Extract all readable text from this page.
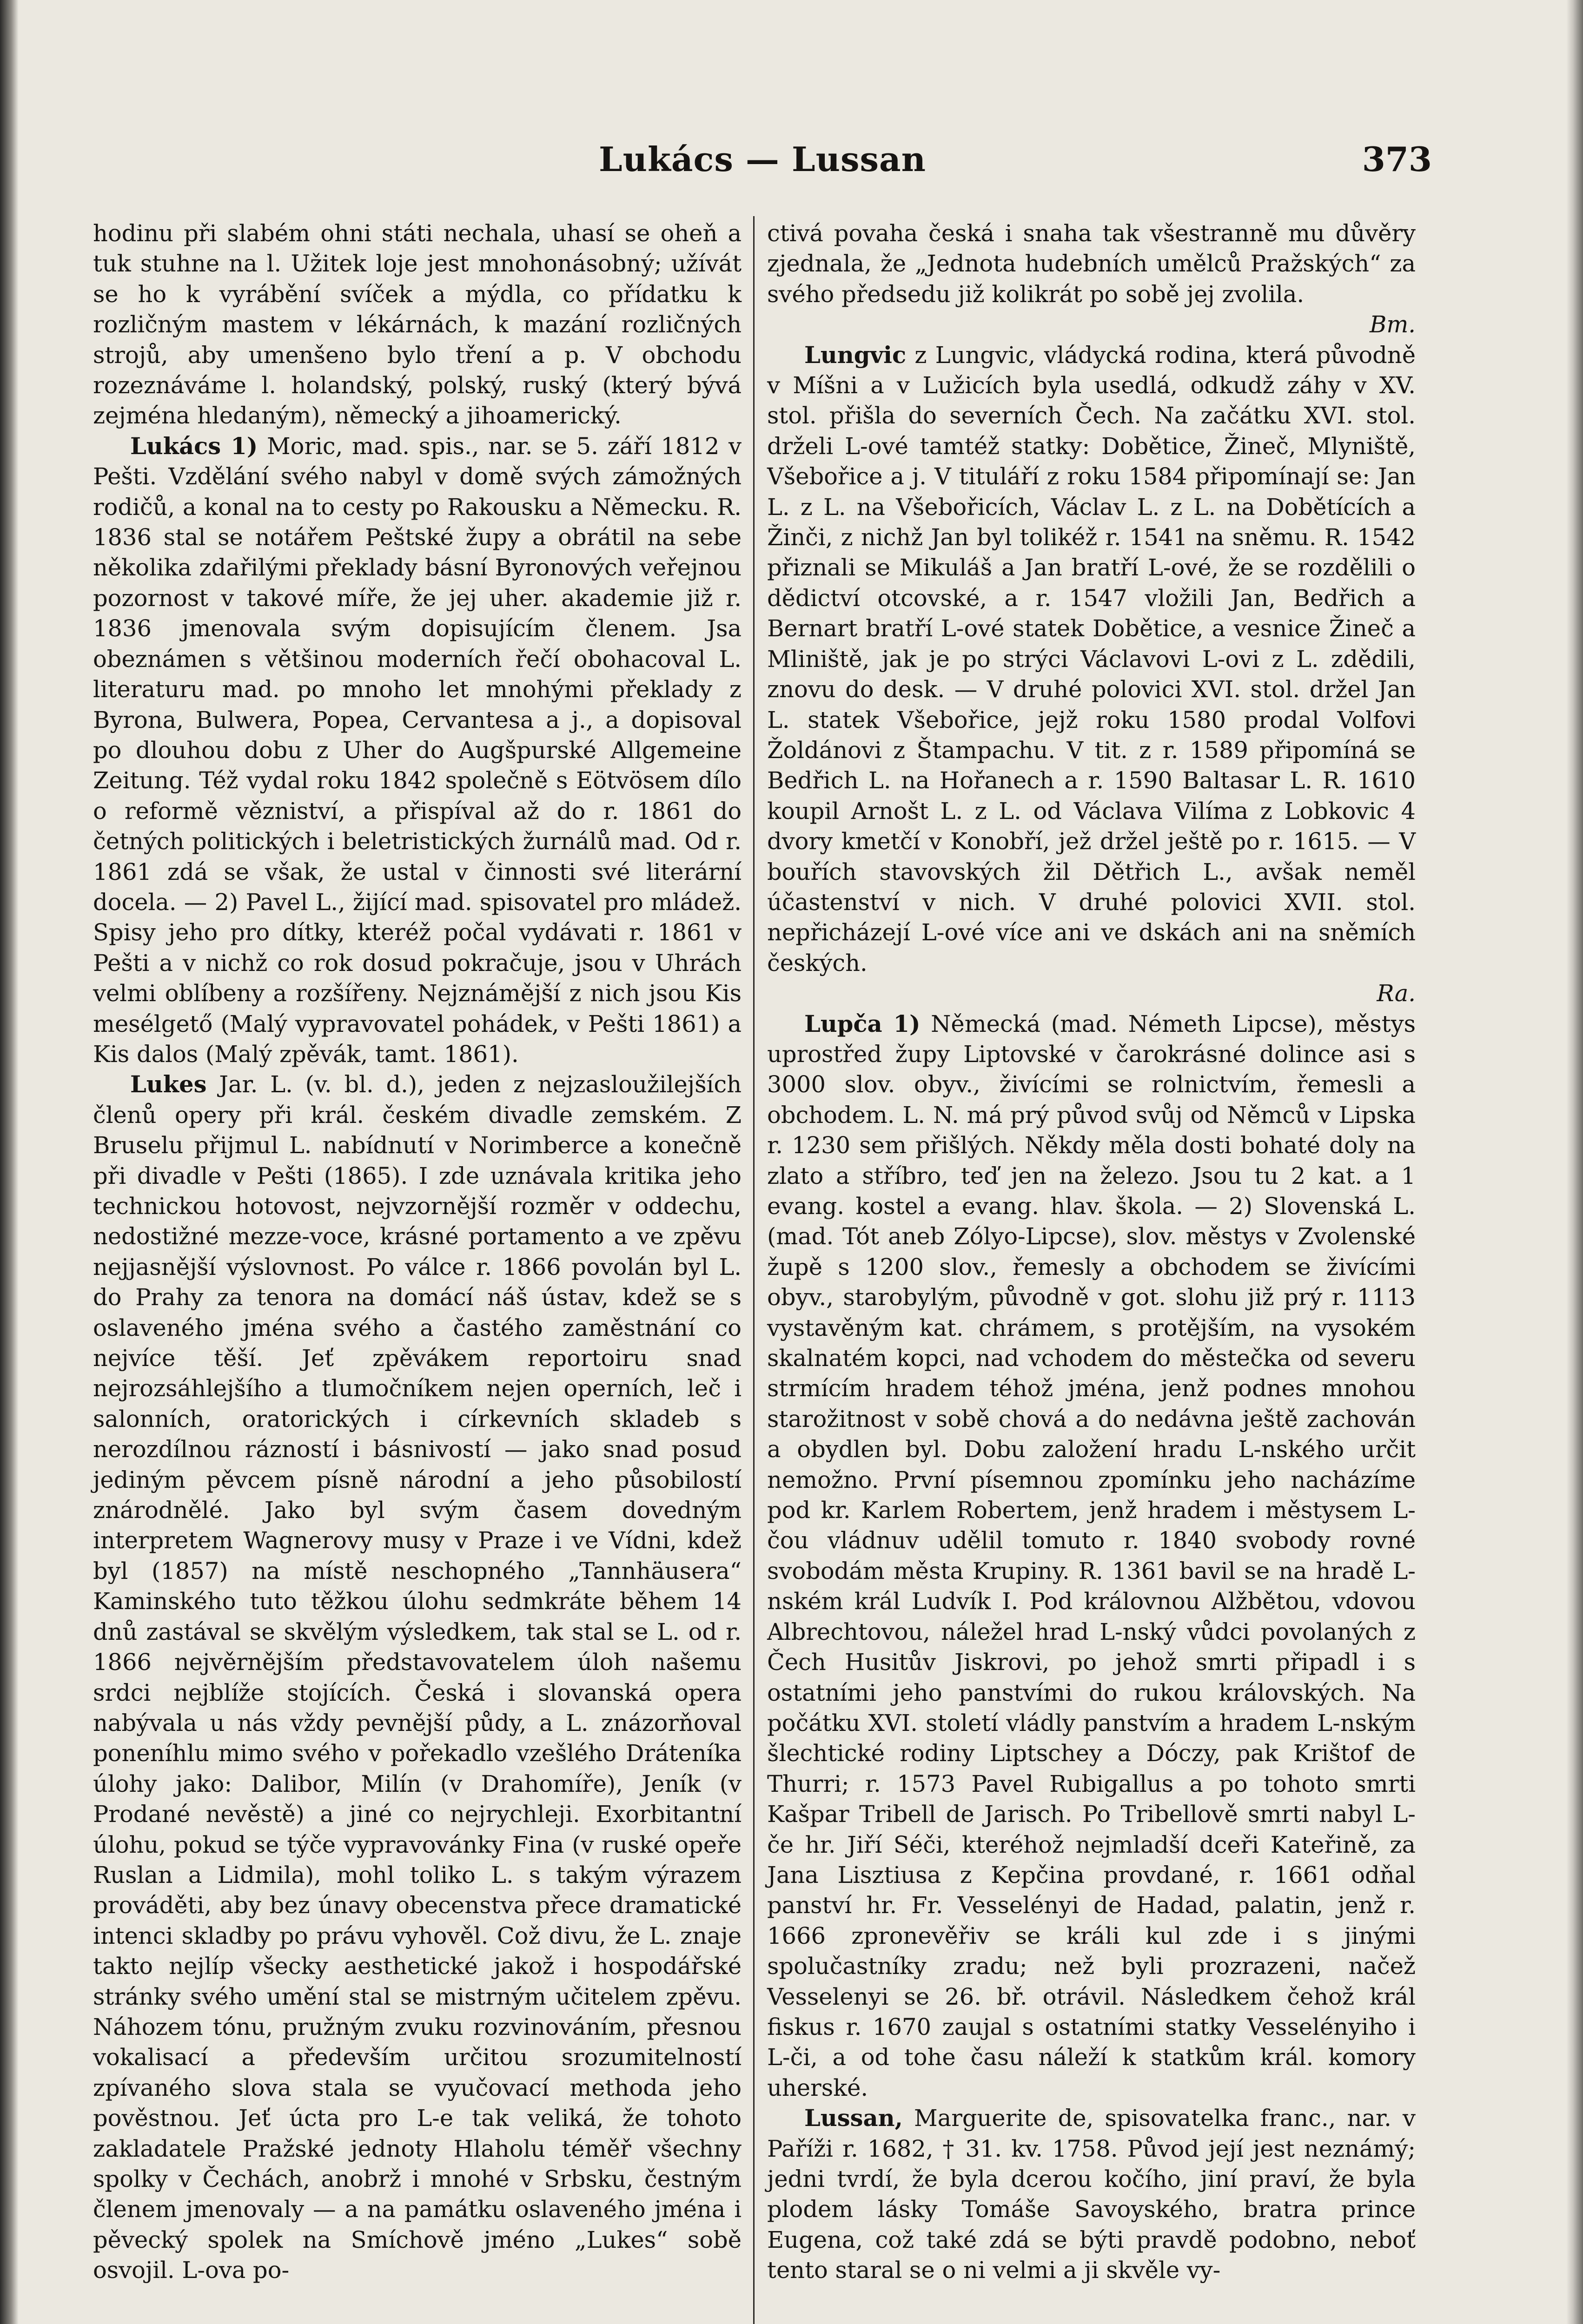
Lukács — Lussan	373

hodinu při slabém ohni státi nechala, uhasí se oheň a tuk stuhne na l. Užitek loje jest mnohonásobný; užívát se ho k vyrábění svíček a mýdla, co přídatku k rozličným mastem v lékárnách, k mazání rozličných strojů, aby umenšeno bylo tření a p. V obchodu rozeznáváme l. holandský, polský, ruský (který bývá zejména hledaným), německý a jihoamerický.

Lukács 1) Moric, mad. spis., nar. se 5. září 1812 v Pešti. Vzdělání svého nabyl v domě svých zámožných rodičů, a konal na to cesty po Rakousku a Německu. R. 1836 stal se notářem Peštské župy a obrátil na sebe několika zdařilými překlady básní Byronových veřejnou pozornost v takové míře, že jej uher. akademie již r. 1836 jmenovala svým dopisujícím členem. Jsa obeznámen s většinou moderních řečí obohacoval L. literaturu mad. po mnoho let mnohými překlady z Byrona, Bulwera, Popea, Cervantesa a j., a dopisoval po dlouhou dobu z Uher do Augšpurské Allgemeine Zeitung. Též vydal roku 1842 společně s Eötvösem dílo o reformě vězniství, a přispíval až do r. 1861 do četných politických i beletristických žurnálů mad. Od r. 1861 zdá se však, že ustal v činnosti své literární docela. — 2) Pavel L., žijící mad. spisovatel pro mládež. Spisy jeho pro dítky, kteréž počal vydávati r. 1861 v Pešti a v nichž co rok dosud pokračuje, jsou v Uhrách velmi oblíbeny a rozšířeny. Nejznámější z nich jsou Kis mesélgető (Malý vypravovatel pohádek, v Pešti 1861) a Kis dalos (Malý zpěvák, tamt. 1861).

Lukes Jar. L. (v. bl. d.), jeden z nejzasloužilejších členů opery při král. českém divadle zemském. Z Bruselu přijmul L. nabídnutí v Norimberce a konečně při divadle v Pešti (1865). I zde uznávala kritika jeho technickou hotovost, nejvzornější rozměr v oddechu, nedostižné mezze-voce, krásné portamento a ve zpěvu nejjasnější výslovnost. Po válce r. 1866 povolán byl L. do Prahy za tenora na domácí náš ústav, kdež se s oslaveného jména svého a častého zaměstnání co nejvíce těší. Jeť zpěvákem reportoiru snad nejrozsáhlejšího a tlumočníkem nejen operních, leč i salonních, oratorických i církevních skladeb s nerozdílnou rázností i básnivostí — jako snad posud jediným pěvcem písně národní a jeho působilostí znárodnělé. Jako byl svým časem dovedným interpretem Wagnerovy musy v Praze i ve Vídni, kdež byl (1857) na místě neschopného „Tannhäusera“ Kaminského tuto těžkou úlohu sedmkráte během 14 dnů zastával se skvělým výsledkem, tak stal se L. od r. 1866 nejvěrnějším představovatelem úloh našemu srdci nejblíže stojících. Česká i slovanská opera nabývala u nás vždy pevnější půdy, a L. znázorňoval poneníhlu mimo svého v pořekadlo vzešlého Dráteníka úlohy jako: Dalibor, Milín (v Drahomíře), Jeník (v Prodané nevěstě) a jiné co nejrychleji. Exorbitantní úlohu, pokud se týče vypravovánky Fina (v ruské opeře Ruslan a Lidmila), mohl toliko L. s takým výrazem prováděti, aby bez únavy obecenstva přece dramatické intenci skladby po právu vyhověl. Což divu, že L. znaje takto nejlíp všecky aesthetické jakož i hospodářské stránky svého umění stal se mistrným učitelem zpěvu. Náhozem tónu, pružným zvuku rozvinováním, přesnou vokalisací a především určitou srozumitelností zpívaného slova stala se vyučovací methoda jeho pověstnou. Jeť úcta pro L-e tak veliká, že tohoto zakladatele Pražské jednoty Hlaholu téměř všechny spolky v Čechách, anobrž i mnohé v Srbsku, čestným členem jmenovaly — a na památku oslaveného jména i pěvecký spolek na Smíchově jméno „Lukes“ sobě osvojil. L-ova po-

ctivá povaha česká i snaha tak všestranně mu důvěry zjednala, že „Jednota hudebních umělců Pražských“ za svého předsedu již kolikrát po sobě jej zvolila.
Bm.

Lungvic z Lungvic, vládycká rodina, která původně v Míšni a v Lužicích byla usedlá, odkudž záhy v XV. stol. přišla do severních Čech. Na začátku XVI. stol. drželi L-ové tamtéž statky: Dobětice, Žineč, Mlyniště, Všebořice a j. V tituláří z roku 1584 připomínají se: Jan L. z L. na Všebořicích, Václav L. z L. na Dobětících a Žinči, z nichž Jan byl tolikéž r. 1541 na sněmu. R. 1542 přiznali se Mikuláš a Jan bratří L-ové, že se rozdělili o dědictví otcovské, a r. 1547 vložili Jan, Bedřich a Bernart bratří L-ové statek Dobětice, a vesnice Žineč a Mliniště, jak je po strýci Václavovi L-ovi z L. zdědili, znovu do desk. — V druhé polovici XVI. stol. držel Jan L. statek Všebořice, jejž roku 1580 prodal Volfovi Žoldánovi z Štampachu. V tit. z r. 1589 připomíná se Bedřich L. na Hořanech a r. 1590 Baltasar L. R. 1610 koupil Arnošt L. z L. od Václava Vilíma z Lobkovic 4 dvory kmetčí v Konobří, jež držel ještě po r. 1615. — V bouřích stavovských žil Dětřich L., avšak neměl účastenství v nich. V druhé polovici XVII. stol. nepřicházejí L-ové více ani ve dskách ani na sněmích českých.
Ra.

Lupča 1) Německá (mad. Németh Lipcse), městys uprostřed župy Liptovské v čarokrásné dolince asi s 3000 slov. obyv., živícími se rolnictvím, řemesli a obchodem. L. N. má prý původ svůj od Němců v Lipska r. 1230 sem přišlých. Někdy měla dosti bohaté doly na zlato a stříbro, teď jen na železo. Jsou tu 2 kat. a 1 evang. kostel a evang. hlav. škola. — 2) Slovenská L. (mad. Tót aneb Zólyo-Lipcse), slov. městys v Zvolenské župě s 1200 slov., řemesly a obchodem se živícími obyv., starobylým, původně v got. slohu již prý r. 1113 vystavěným kat. chrámem, s protějším, na vysokém skalnatém kopci, nad vchodem do městečka od severu strmícím hradem téhož jména, jenž podnes mnohou starožitnost v sobě chová a do nedávna ještě zachován a obydlen byl. Dobu založení hradu L-nského určit nemožno. První písemnou zpomínku jeho nacházíme pod kr. Karlem Robertem, jenž hradem i městysem L-čou vládnuv udělil tomuto r. 1840 svobody rovné svobodám města Krupiny. R. 1361 bavil se na hradě L-nském král Ludvík I. Pod královnou Alžbětou, vdovou Albrechtovou, náležel hrad L-nský vůdci povolaných z Čech Husitův Jiskrovi, po jehož smrti připadl i s ostatními jeho panstvími do rukou královských. Na počátku XVI. století vládly panstvím a hradem L-nským šlechtické rodiny Liptschey a Dóczy, pak Krištof de Thurri; r. 1573 Pavel Rubigallus a po tohoto smrti Kašpar Tribell de Jarisch. Po Tribellově smrti nabyl L-če hr. Jiří Séči, kteréhož nejmladší dceři Kateřině, za Jana Lisztiusa z Kepčina provdané, r. 1661 odňal panství hr. Fr. Vesselényi de Hadad, palatin, jenž r. 1666 zpronevěřiv se králi kul zde i s jinými spolučastníky zradu; než byli prozrazeni, načež Vesselenyi se 26. bř. otrávil. Následkem čehož král fiskus r. 1670 zaujal s ostatními statky Vesselényiho i L-či, a od tohe času náleží k statkům král. komory uherské.

Lussan, Marguerite de, spisovatelka franc., nar. v Paříži r. 1682, † 31. kv. 1758. Původ její jest neznámý; jedni tvrdí, že byla dcerou kočího, jiní praví, že byla plodem lásky Tomáše Savoyského, bratra prince Eugena, což také zdá se býti pravdě podobno, neboť tento staral se o ni velmi a ji skvěle vy-
